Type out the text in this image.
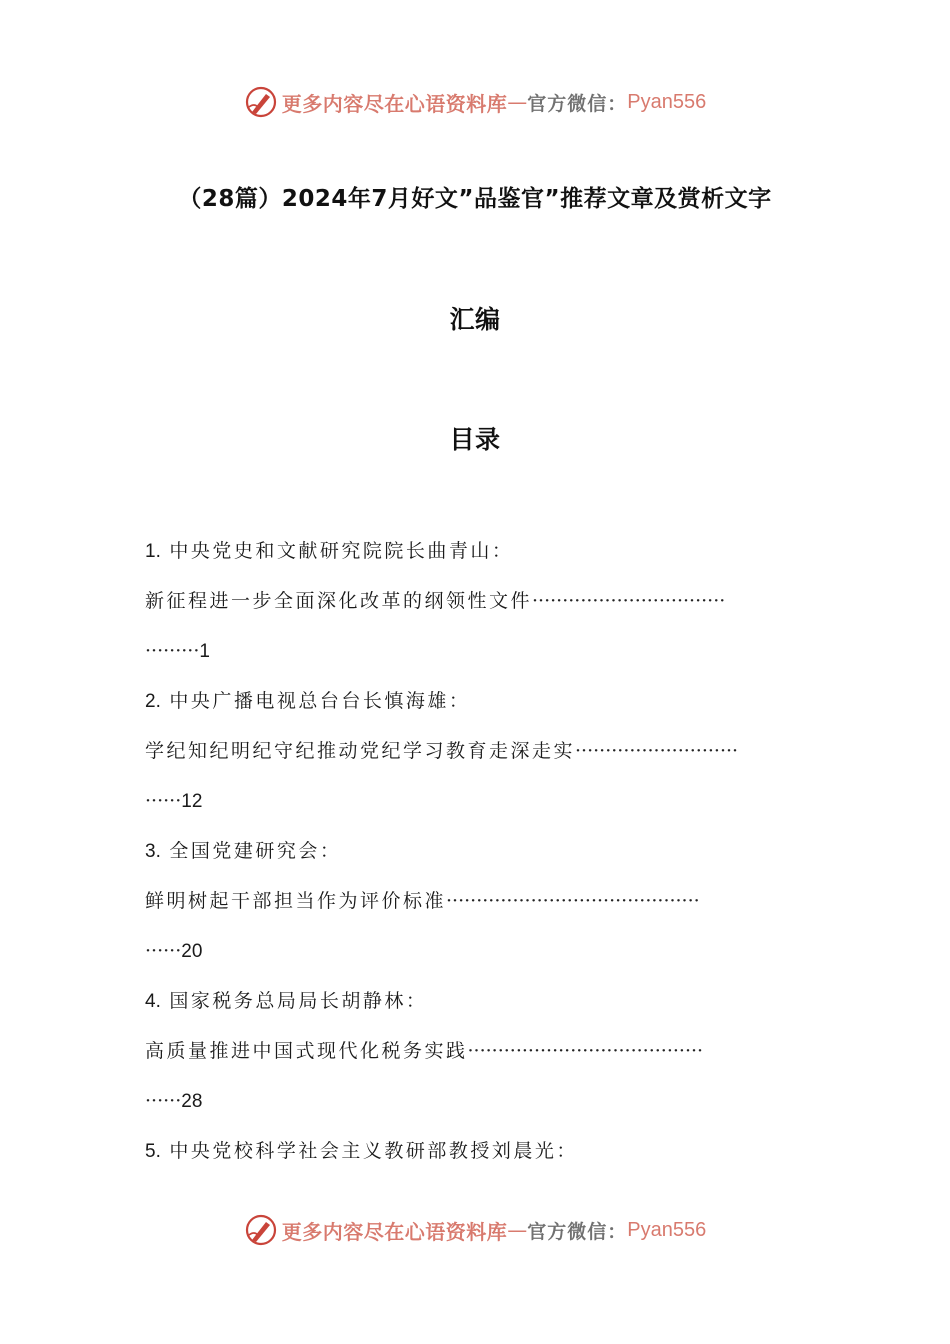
更多内容尽在心语资料库 — 官方微信： Pyan556
（28篇）2024年7月好文”品鉴官”推荐文章及赏析文字
汇编
目录
1. 中央党史和文献研究院院长曲青山：
新征程进一步全面深化改革的纲领性文件································
·········1
2. 中央广播电视总台台长慎海雄：
学纪知纪明纪守纪推动党纪学习教育走深走实···························
······12
3. 全国党建研究会：
鲜明树起干部担当作为评价标准··········································
······20
4. 国家税务总局局长胡静林：
高质量推进中国式现代化税务实践·······································
······28
5. 中央党校科学社会主义教研部教授刘晨光：
更多内容尽在心语资料库 — 官方微信： Pyan556
